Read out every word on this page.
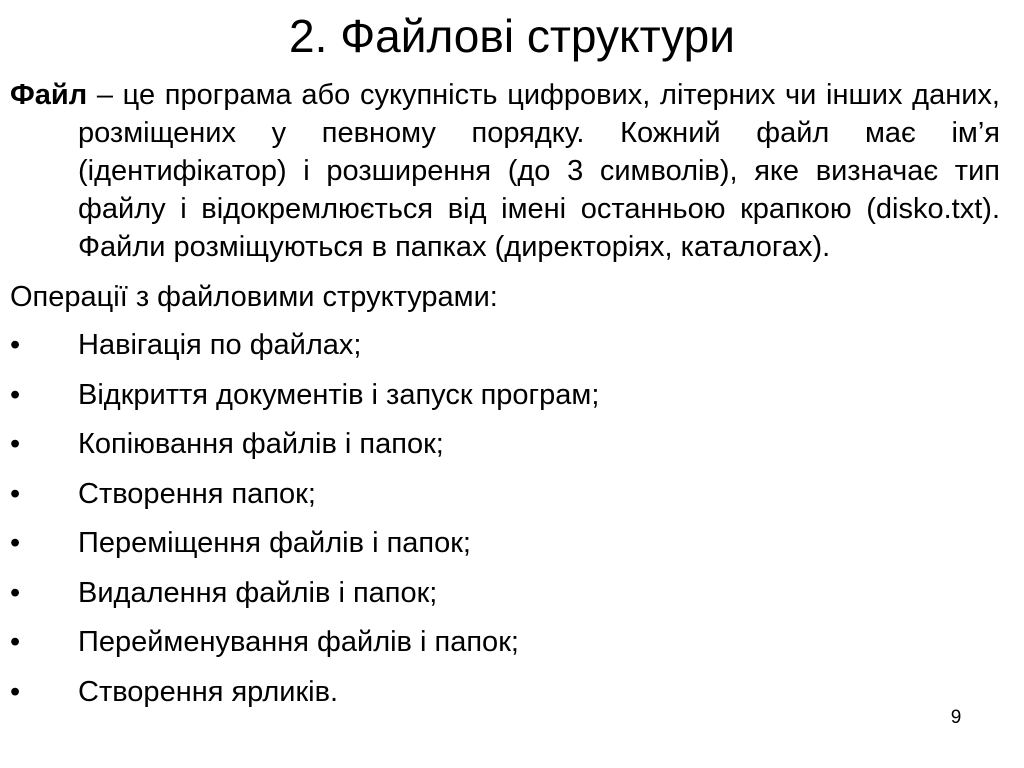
2. Файлові структури

Файл – це програма або сукупність цифрових, літерних чи інших даних, розміщених у певному порядку. Кожний файл має ім’я (ідентифікатор) і розширення (до 3 символів), яке визначає тип файлу і відокремлюється від імені останньою крапкою (disko.txt). Файли розміщуються в папках (директоріях, каталогах).

Операції з файловими структурами:

•	Навігація по файлах;
•	Відкриття документів і запуск програм;
•	Копіювання файлів і папок;
•	Створення папок;
•	Переміщення файлів і папок;
•	Видалення файлів і папок;
•	Перейменування файлів і папок;
•	Створення ярликів.
9
